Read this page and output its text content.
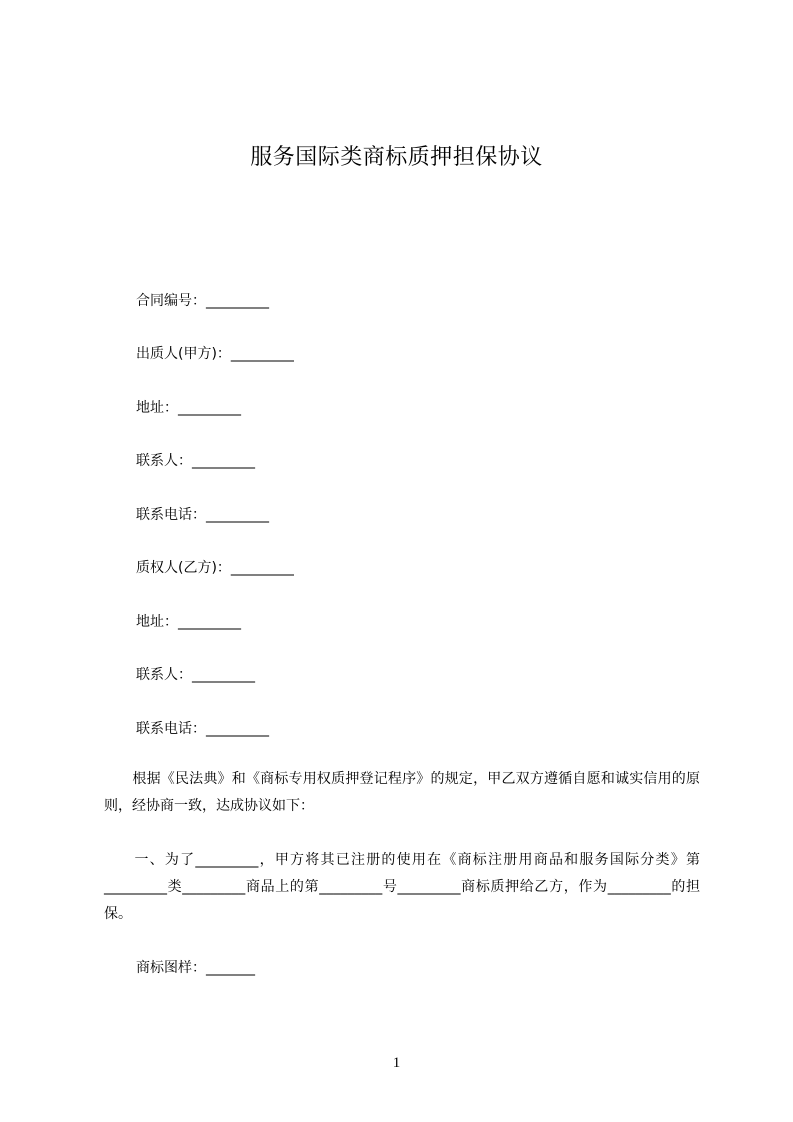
服务国际类商标质押担保协议
合同编号：_________
出质人(甲方)：_________
地址：_________
联系人：_________
联系电话：_________
质权人(乙方)：_________
地址：_________
联系人：_________
联系电话：_________
　　根据《民法典》和《商标专用权质押登记程序》的规定，甲乙双方遵循自愿和诚实信用的原则，经协商一致，达成协议如下：
　　一、为了_________，甲方将其已注册的使用在《商标注册用商品和服务国际分类》第_________类_________商品上的第_________号_________商标质押给乙方，作为_________的担保。
商标图样：_______
1
